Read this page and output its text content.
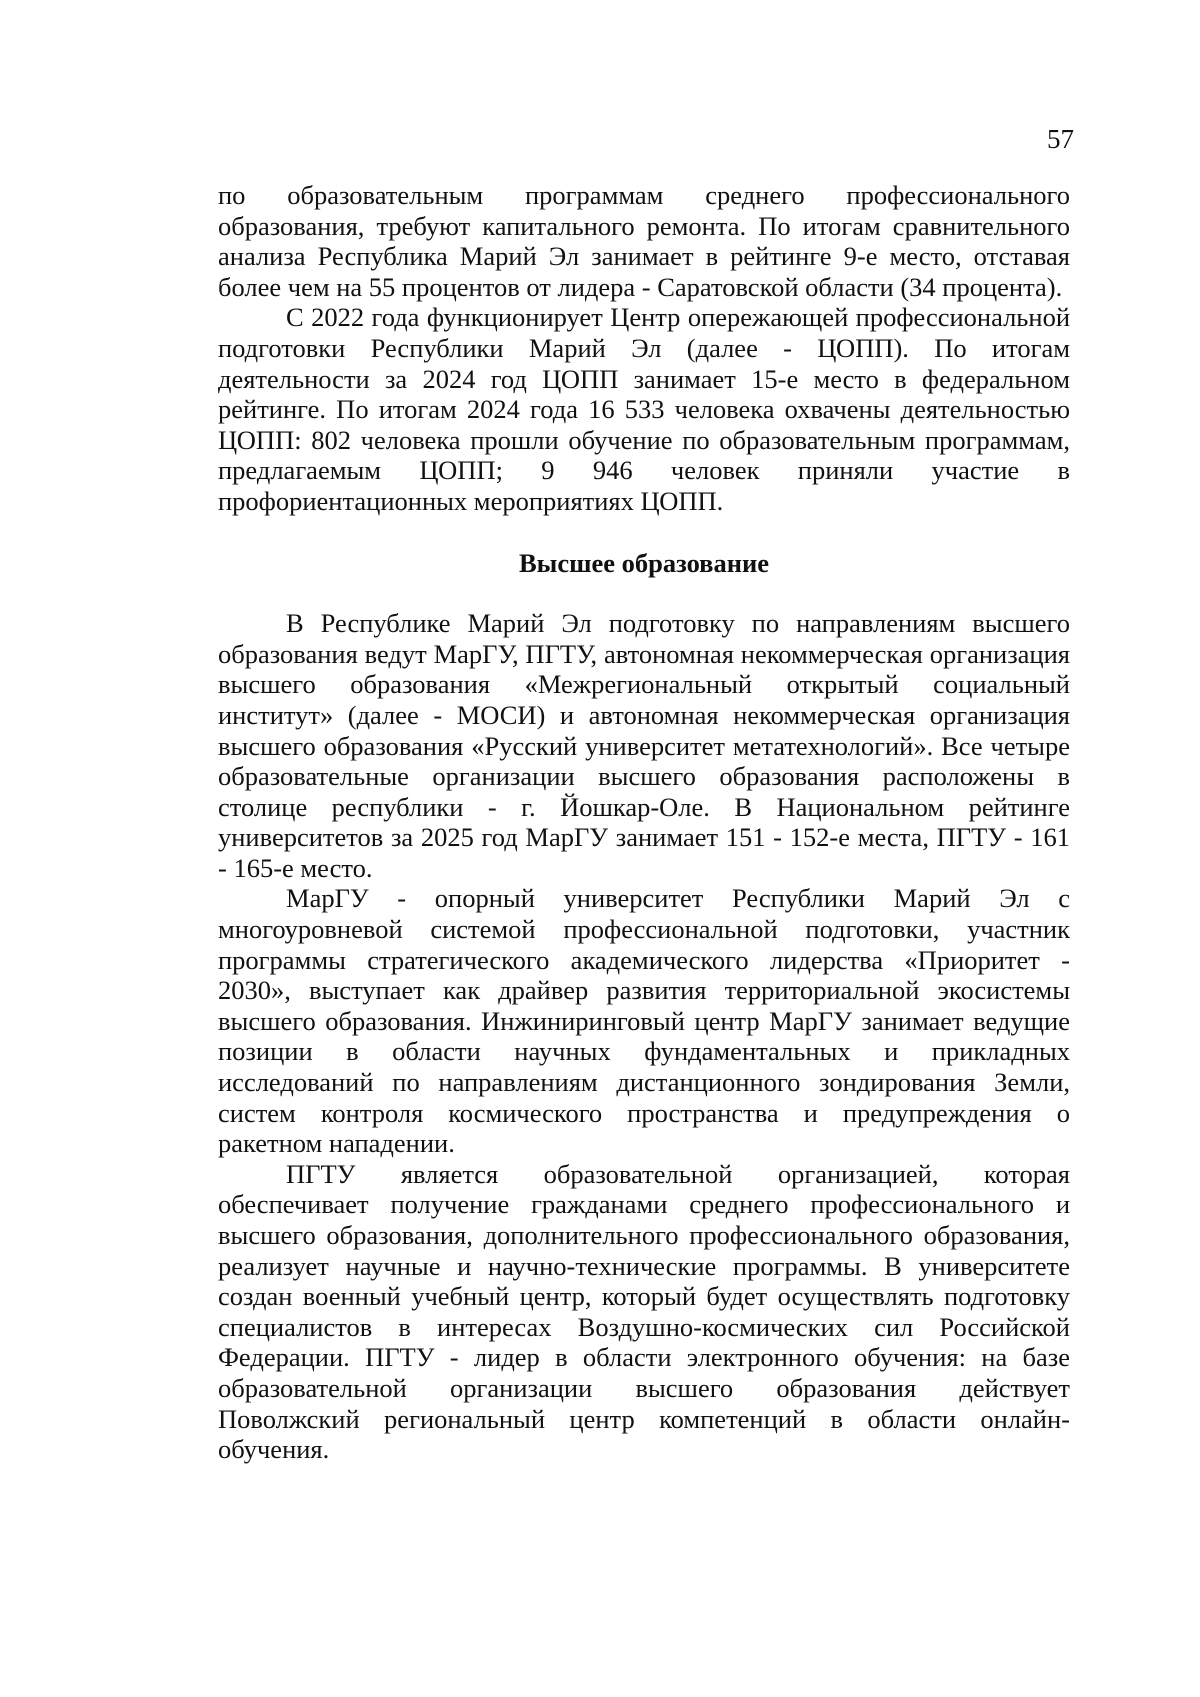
57

по образовательным программам среднего профессионального образования, требуют капитального ремонта. По итогам сравнительного анализа Республика Марий Эл занимает в рейтинге 9-е место, отставая более чем на 55 процентов от лидера - Саратовской области (34 процента).

С 2022 года функционирует Центр опережающей профессиональной подготовки Республики Марий Эл (далее - ЦОПП). По итогам деятельности за 2024 год ЦОПП занимает 15-е место в федеральном рейтинге. По итогам 2024 года 16 533 человека охвачены деятельностью ЦОПП: 802 человека прошли обучение по образовательным программам, предлагаемым ЦОПП; 9 946 человек приняли участие в профориентационных мероприятиях ЦОПП.

Высшее образование

В Республике Марий Эл подготовку по направлениям высшего образования ведут МарГУ, ПГТУ, автономная некоммерческая организация высшего образования «Межрегиональный открытый социальный институт» (далее - МОСИ) и автономная некоммерческая организация высшего образования «Русский университет метатехнологий». Все четыре образовательные организации высшего образования расположены в столице республики - г. Йошкар-Оле. В Национальном рейтинге университетов за 2025 год МарГУ занимает 151 - 152-е места, ПГТУ - 161 - 165-е место.

МарГУ - опорный университет Республики Марий Эл с многоуровневой системой профессиональной подготовки, участник программы стратегического академического лидерства «Приоритет - 2030», выступает как драйвер развития территориальной экосистемы высшего образования. Инжиниринговый центр МарГУ занимает ведущие позиции в области научных фундаментальных и прикладных исследований по направлениям дистанционного зондирования Земли, систем контроля космического пространства и предупреждения о ракетном нападении.

ПГТУ является образовательной организацией, которая обеспечивает получение гражданами среднего профессионального и высшего образования, дополнительного профессионального образования, реализует научные и научно-технические программы. В университете создан военный учебный центр, который будет осуществлять подготовку специалистов в интересах Воздушно-космических сил Российской Федерации. ПГТУ - лидер в области электронного обучения: на базе образовательной организации высшего образования действует Поволжский региональный центр компетенций в области онлайн-обучения.
